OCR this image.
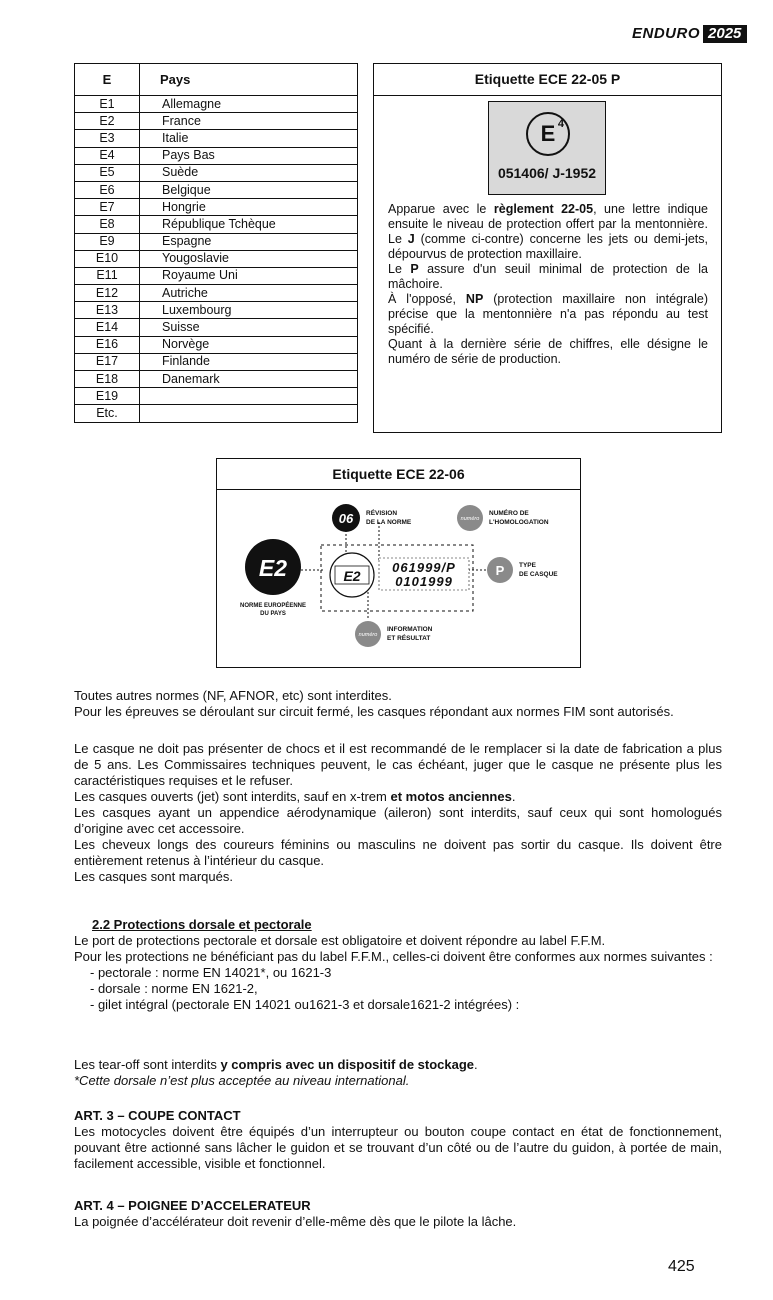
ENDURO 2025
E	Pays
E1	Allemagne
E2	France
E3	Italie
E4	Pays Bas
E5	Suède
E6	Belgique
E7	Hongrie
E8	République Tchèque
E9	Espagne
E10	Yougoslavie
E11	Royaume Uni
E12	Autriche
E13	Luxembourg
E14	Suisse
E16	Norvège
E17	Finlande
E18	Danemark
E19	
Etc.	
Etiquette ECE 22-05 P
E 4
051406/ J-1952

Apparue avec le règlement 22-05, une lettre indique ensuite le niveau de protection offert par la mentonnière. Le J (comme ci-contre) concerne les jets ou demi-jets, dépourvus de protection maxillaire.

Le P assure d'un seuil minimal de protection de la mâchoire.

À l'opposé, NP (protection maxillaire non intégrale) précise que la mentonnière n'a pas répondu au test spécifié.

Quant à la dernière série de chiffres, elle désigne le numéro de série de production.

Etiquette ECE 22-06
06 RÉVISION
DE LA NORME	numéro
NUMÉRO DE
L'HOMOLOGATION
E2
NORME EUROPÉENNE
DU PAYS
E2
061999/P
0101999
P TYPE
DE CASQUE
numéro
INFORMATION
ET RÉSULTAT

Toutes autres normes (NF, AFNOR, etc) sont interdites.

Pour les épreuves se déroulant sur circuit fermé, les casques répondant aux normes FIM sont autorisés.

Le casque ne doit pas présenter de chocs et il est recommandé de le remplacer si la date de fabrication a plus de 5 ans. Les Commissaires techniques peuvent, le cas échéant, juger que le casque ne présente plus les caractéristiques requises et le refuser.

Les casques ouverts (jet) sont interdits, sauf en x-trem et motos anciennes.

Les casques ayant un appendice aérodynamique (aileron) sont interdits, sauf ceux qui sont homologués d’origine avec cet accessoire.

Les cheveux longs des coureurs féminins ou masculins ne doivent pas sortir du casque. Ils doivent être entièrement retenus à l’intérieur du casque.

Les casques sont marqués.

2.2 Protections dorsale et pectorale

Le port de protections pectorale et dorsale est obligatoire et doivent répondre au label F.F.M.

Pour les protections ne bénéficiant pas du label F.F.M., celles-ci doivent être conformes aux normes suivantes :

- pectorale : norme EN 14021*, ou 1621-3

- dorsale : norme EN 1621-2,

- gilet intégral (pectorale EN 14021 ou1621-3 et dorsale1621-2 intégrées) :

Les tear-off sont interdits y compris avec un dispositif de stockage.

*Cette dorsale n’est plus acceptée au niveau international.

ART. 3 – COUPE CONTACT

Les motocycles doivent être équipés d’un interrupteur ou bouton coupe contact en état de fonctionnement, pouvant être actionné sans lâcher le guidon et se trouvant d’un côté ou de l’autre du guidon, à portée de main, facilement accessible, visible et fonctionnel.

ART. 4 – POIGNEE D’ACCELERATEUR

La poignée d’accélérateur doit revenir d’elle-même dès que le pilote la lâche.

425
